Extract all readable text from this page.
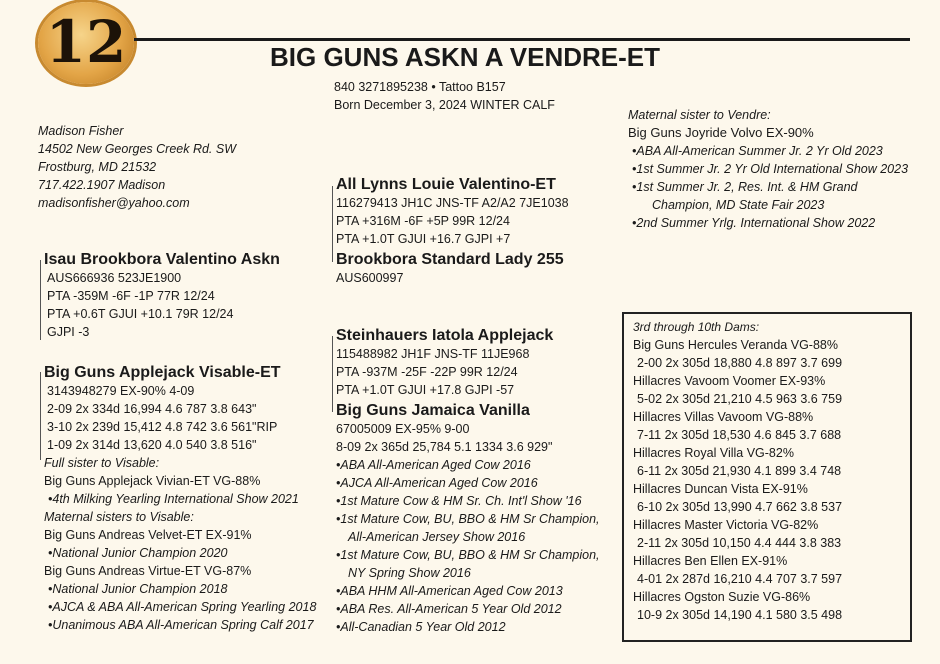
12	BIG GUNS ASKN A VENDRE-ET
840 3271895238 • Tattoo B157
Born December 3, 2024 WINTER CALF
Madison Fisher
14502 New Georges Creek Rd. SW
Frostburg, MD 21532
717.422.1907 Madison
madisonfisher@yahoo.com
Maternal sister to Vendre:
Big Guns Joyride Volvo EX-90%
•ABA All-American Summer Jr. 2 Yr Old 2023
•1st Summer Jr. 2 Yr Old International Show 2023
•1st Summer Jr. 2, Res. Int. & HM Grand
Champion, MD State Fair 2023
•2nd Summer Yrlg. International Show 2022
All Lynns Louie Valentino-ET
116279413 JH1C JNS-TF A2/A2 7JE1038
PTA +316M -6F +5P 99R 12/24
PTA +1.0T GJUI +16.7 GJPI +7
Brookbora Standard Lady 255
AUS600997
Isau Brookbora Valentino Askn
AUS666936 523JE1900
PTA -359M -6F -1P 77R 12/24
PTA +0.6T GJUI +10.1 79R 12/24
GJPI -3	Steinhauers Iatola Applejack
115488982 JH1F JNS-TF 11JE968
PTA -937M -25F -22P 99R 12/24
PTA +1.0T GJUI +17.8 GJPI -57
Big Guns Jamaica Vanilla
67005009 EX-95% 9-00
8-09 2x 365d 25,784 5.1 1334 3.6 929"
•ABA All-American Aged Cow 2016
•AJCA All-American Aged Cow 2016
•1st Mature Cow & HM Sr. Ch. Int'l Show '16
•1st Mature Cow, BU, BBO & HM Sr Champion,
All-American Jersey Show 2016
•1st Mature Cow, BU, BBO & HM Sr Champion,
NY Spring Show 2016
•ABA HHM All-American Aged Cow 2013
•ABA Res. All-American 5 Year Old 2012
•All-Canadian 5 Year Old 2012
Big Guns Applejack Visable-ET
3143948279 EX-90% 4-09
2-09 2x 334d 16,994 4.6 787 3.8 643"
3-10 2x 239d 15,412 4.8 742 3.6 561"RIP
1-09 2x 314d 13,620 4.0 540 3.8 516"
Full sister to Visable:
Big Guns Applejack Vivian-ET VG-88%
•4th Milking Yearling International Show 2021
Maternal sisters to Visable:
Big Guns Andreas Velvet-ET EX-91%
•National Junior Champion 2020
Big Guns Andreas Virtue-ET VG-87%
•National Junior Champion 2018
•AJCA & ABA All-American Spring Yearling 2018
•Unanimous ABA All-American Spring Calf 2017
3rd through 10th Dams:
Big Guns Hercules Veranda VG-88%
2-00 2x 305d 18,880 4.8 897 3.7 699
Hillacres Vavoom Voomer EX-93%
5-02 2x 305d 21,210 4.5 963 3.6 759
Hillacres Villas Vavoom VG-88%
7-11 2x 305d 18,530 4.6 845 3.7 688
Hillacres Royal Villa VG-82%
6-11 2x 305d 21,930 4.1 899 3.4 748
Hillacres Duncan Vista EX-91%
6-10 2x 305d 13,990 4.7 662 3.8 537
Hillacres Master Victoria VG-82%
2-11 2x 305d 10,150 4.4 444 3.8 383
Hillacres Ben Ellen EX-91%
4-01 2x 287d 16,210 4.4 707 3.7 597
Hillacres Ogston Suzie VG-86%
10-9 2x 305d 14,190 4.1 580 3.5 498
